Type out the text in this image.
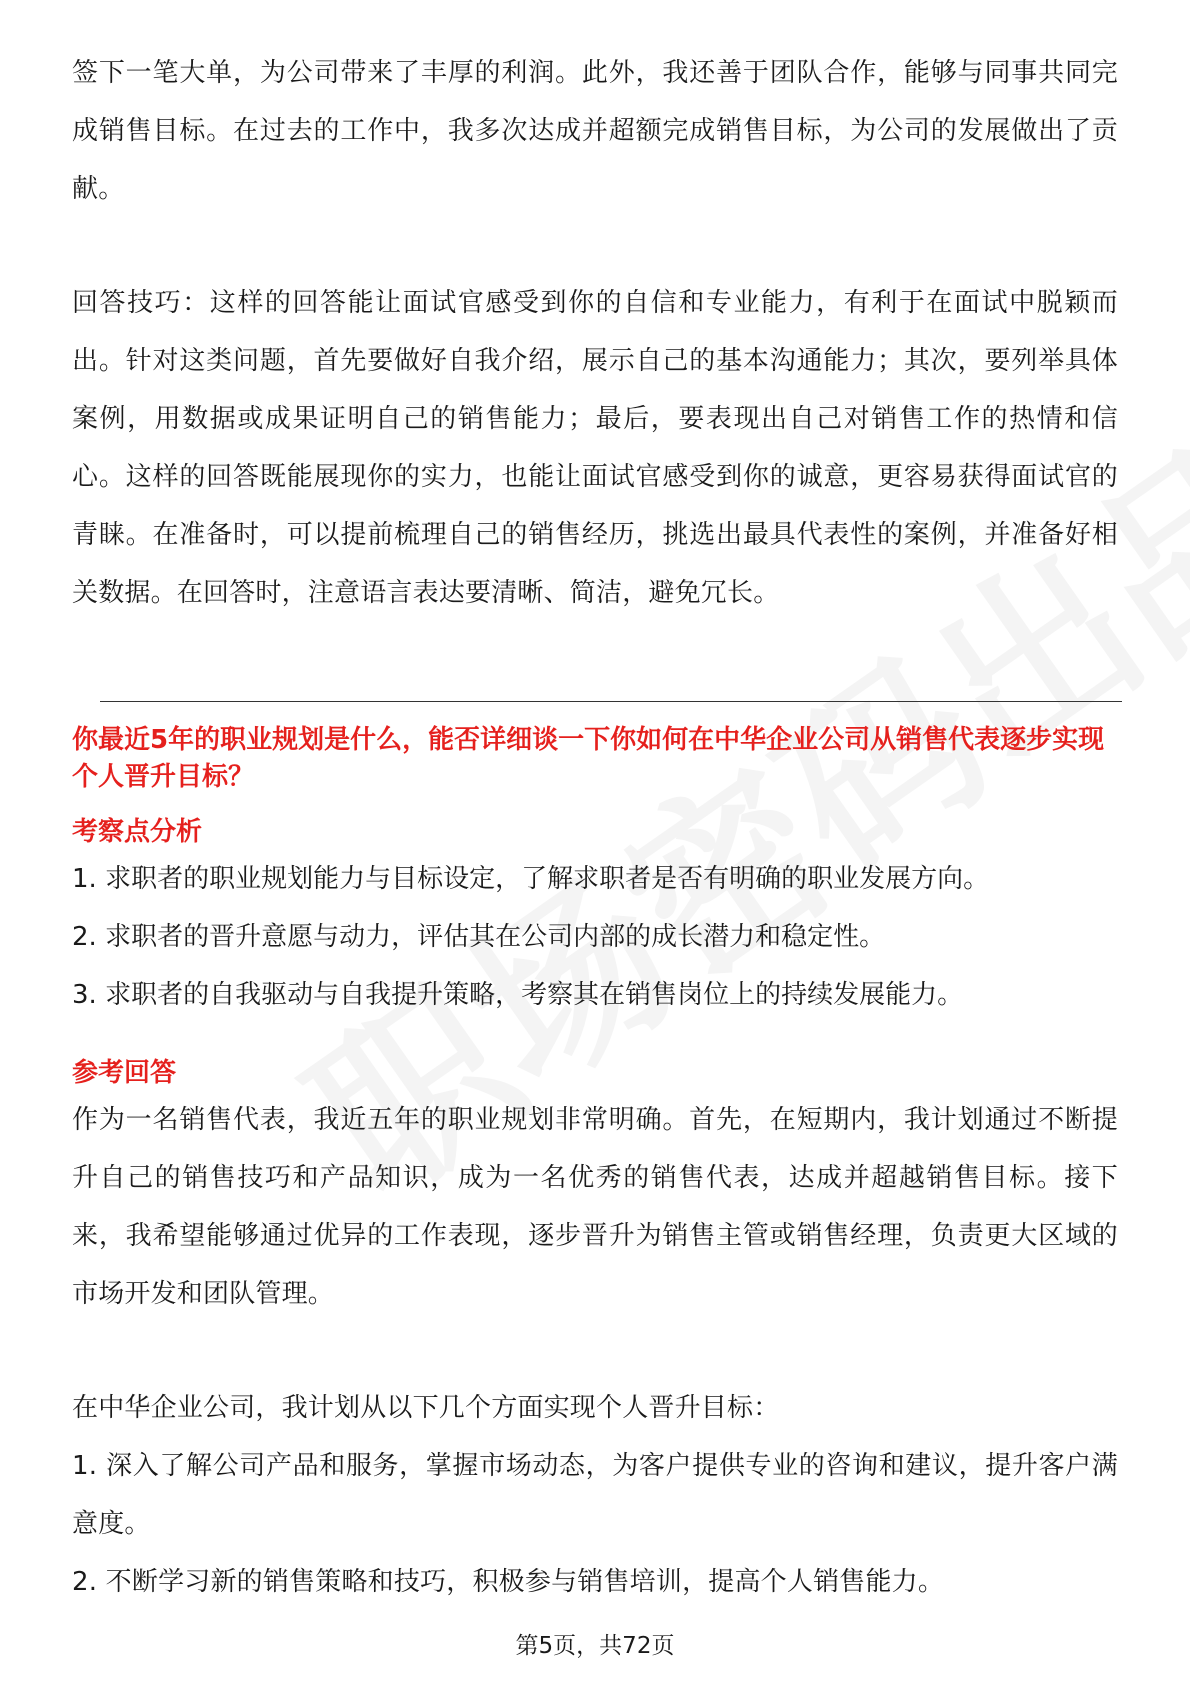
签下一笔大单，为公司带来了丰厚的利润。此外，我还善于团队合作，能够与同事共同完成销售目标。在过去的工作中，我多次达成并超额完成销售目标，为公司的发展做出了贡献。

回答技巧：这样的回答能让面试官感受到你的自信和专业能力，有利于在面试中脱颖而出。针对这类问题，首先要做好自我介绍，展示自己的基本沟通能力；其次，要列举具体案例，用数据或成果证明自己的销售能力；最后，要表现出自己对销售工作的热情和信心。这样的回答既能展现你的实力，也能让面试官感受到你的诚意，更容易获得面试官的青睐。在准备时，可以提前梳理自己的销售经历，挑选出最具代表性的案例，并准备好相关数据。在回答时，注意语言表达要清晰、简洁，避免冗长。

你最近5年的职业规划是什么，能否详细谈一下你如何在中华企业公司从销售代表逐步实现个人晋升目标？
考察点分析
1. 求职者的职业规划能力与目标设定，了解求职者是否有明确的职业发展方向。
2. 求职者的晋升意愿与动力，评估其在公司内部的成长潜力和稳定性。
3. 求职者的自我驱动与自我提升策略，考察其在销售岗位上的持续发展能力。
参考回答

作为一名销售代表，我近五年的职业规划非常明确。首先，在短期内，我计划通过不断提升自己的销售技巧和产品知识，成为一名优秀的销售代表，达成并超越销售目标。接下来，我希望能够通过优异的工作表现，逐步晋升为销售主管或销售经理，负责更大区域的市场开发和团队管理。

在中华企业公司，我计划从以下几个方面实现个人晋升目标：

1. 深入了解公司产品和服务，掌握市场动态，为客户提供专业的咨询和建议，提升客户满意度。

2. 不断学习新的销售策略和技巧，积极参与销售培训，提高个人销售能力。

第5页，共72页
